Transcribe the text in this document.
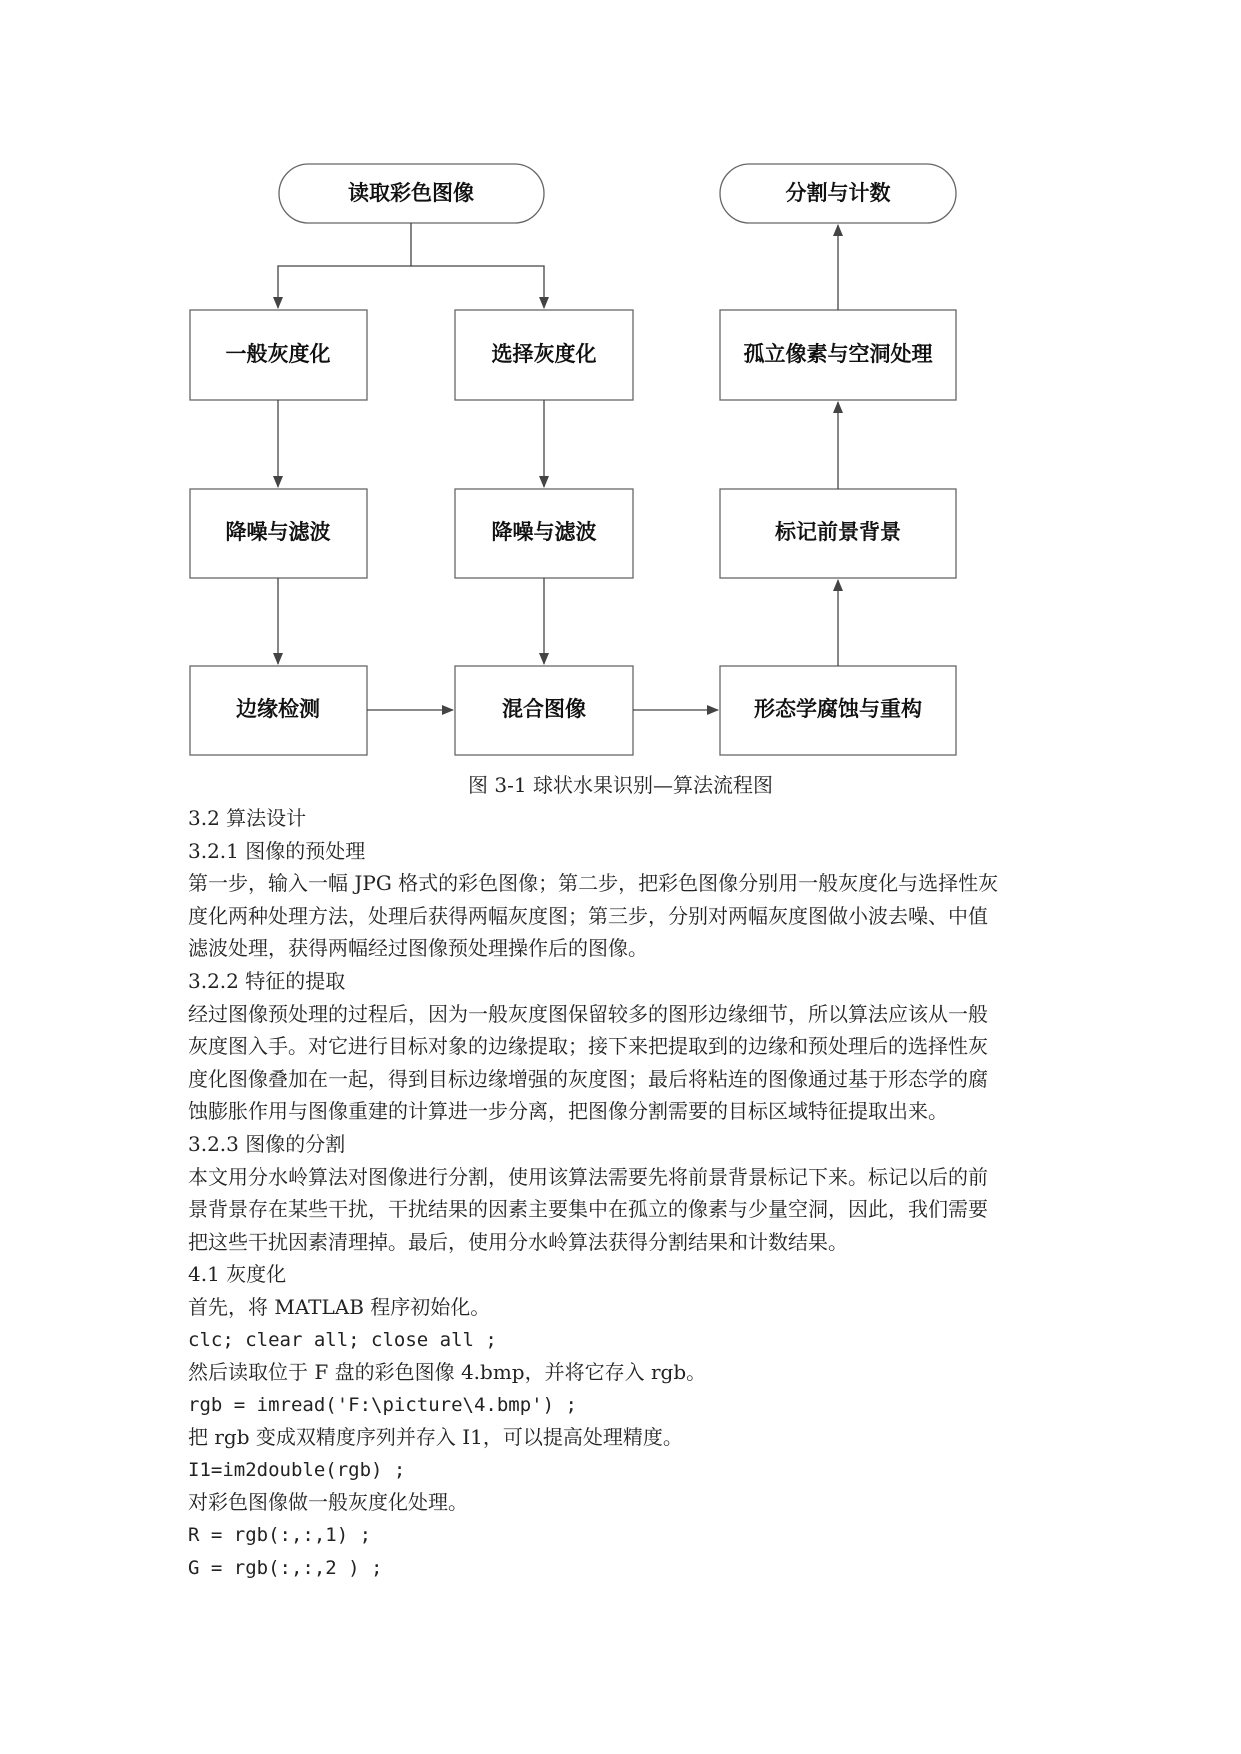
读取彩色图像	分割与计数
一般灰度化	选择灰度化	孤立像素与空洞处理
降噪与滤波	降噪与滤波	标记前景背景
边缘检测	混合图像	形态学腐蚀与重构
图 3-1 球状水果识别—算法流程图
3.2 算法设计
3.2.1 图像的预处理
第一步，输入一幅 JPG 格式的彩色图像；第二步，把彩色图像分别用一般灰度化与选择性灰
度化两种处理方法，处理后获得两幅灰度图；第三步，分别对两幅灰度图做小波去噪、中值
滤波处理，获得两幅经过图像预处理操作后的图像。
3.2.2 特征的提取
经过图像预处理的过程后，因为一般灰度图保留较多的图形边缘细节，所以算法应该从一般
灰度图入手。对它进行目标对象的边缘提取；接下来把提取到的边缘和预处理后的选择性灰
度化图像叠加在一起，得到目标边缘增强的灰度图；最后将粘连的图像通过基于形态学的腐
蚀膨胀作用与图像重建的计算进一步分离，把图像分割需要的目标区域特征提取出来。
3.2.3 图像的分割
本文用分水岭算法对图像进行分割，使用该算法需要先将前景背景标记下来。标记以后的前
景背景存在某些干扰，干扰结果的因素主要集中在孤立的像素与少量空洞，因此，我们需要
把这些干扰因素清理掉。最后，使用分水岭算法获得分割结果和计数结果。
4.1 灰度化
首先，将 MATLAB 程序初始化。
clc; clear all; close all ;
然后读取位于 F 盘的彩色图像 4.bmp，并将它存入 rgb。
rgb = imread('F:\picture\4.bmp') ;
把 rgb 变成双精度序列并存入 I1，可以提高处理精度。
I1=im2double(rgb) ;
对彩色图像做一般灰度化处理。
R = rgb(:,:,1) ;
G = rgb(:,:,2 ) ;
